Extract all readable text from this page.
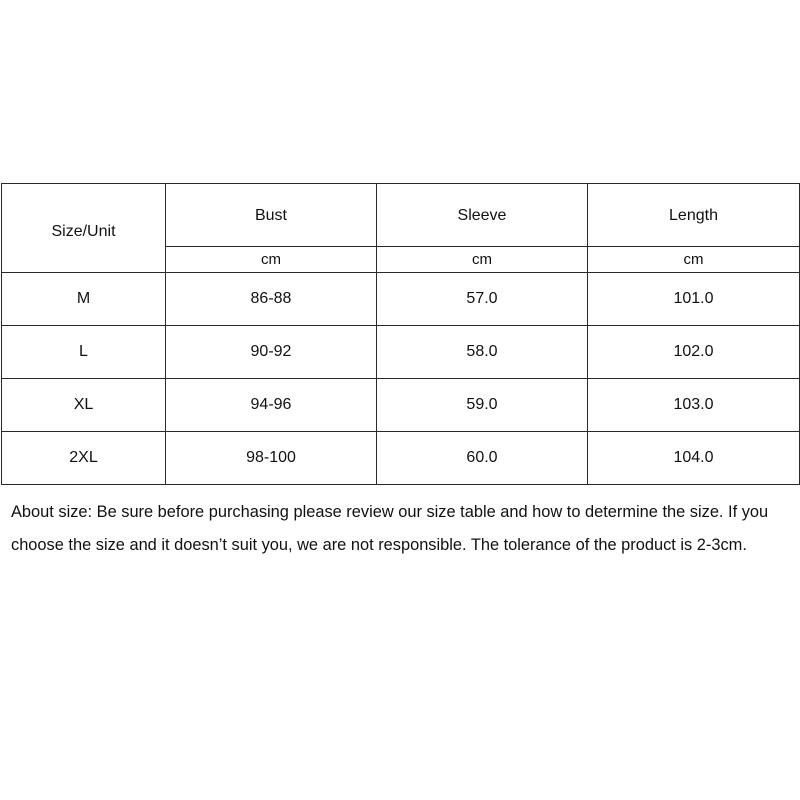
Size/Unit	Bust	Sleeve	Length
	cm	cm	cm
M	86-88	57.0	101.0
L	90-92	58.0	102.0
XL	94-96	59.0	103.0
2XL	98-100	60.0	104.0

About size: Be sure before purchasing please review our size table and how to determine the size. If you choose the size and it doesn’t suit you, we are not responsible. The tolerance of the product is 2-3cm.
